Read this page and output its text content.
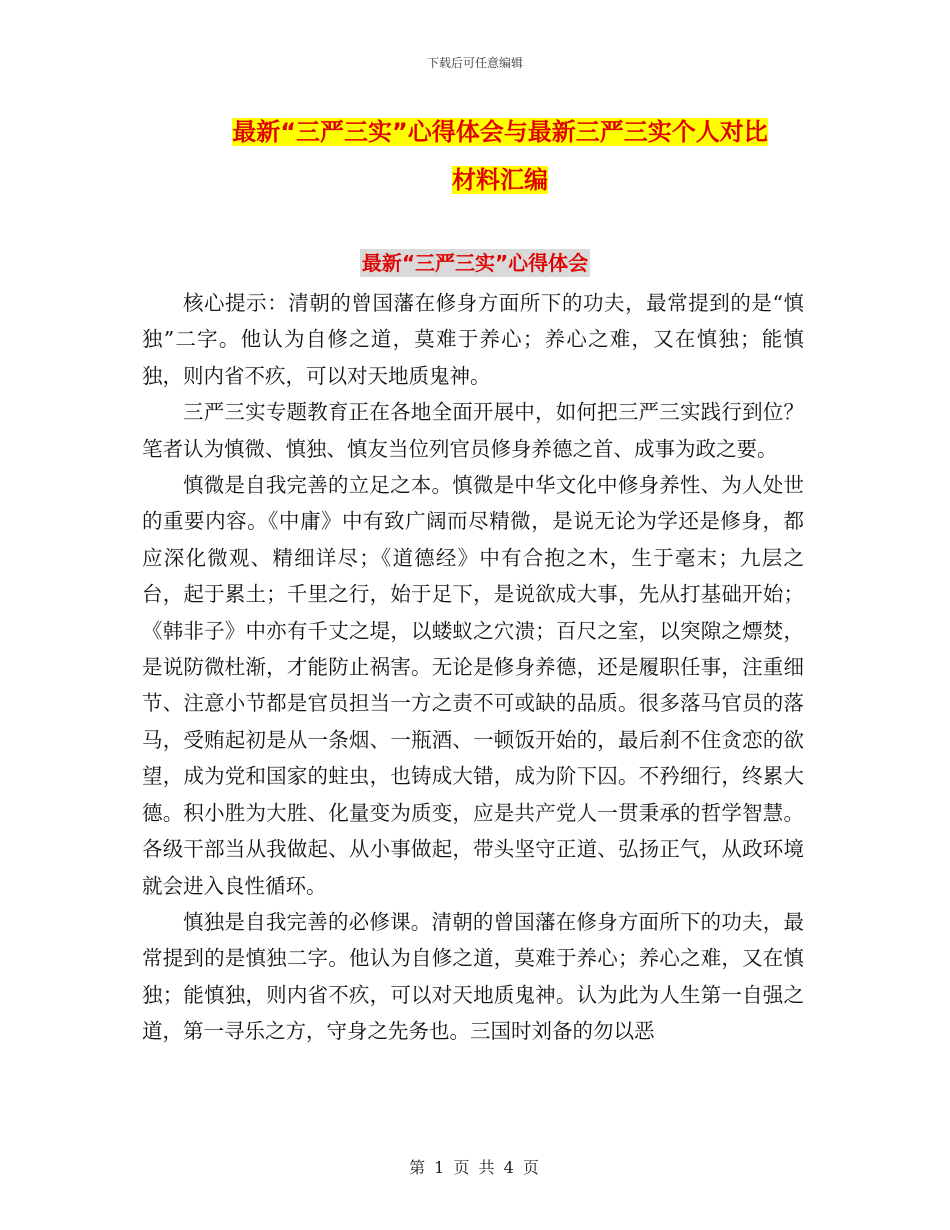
下载后可任意编辑
最新“三严三实”心得体会与最新三严三实个人对比
材料汇编
最新“三严三实”心得体会

核心提示：清朝的曾国藩在修身方面所下的功夫，最常提到的是“慎独”二字。他认为自修之道，莫难于养心；养心之难，又在慎独；能慎独，则内省不疚，可以对天地质鬼神。

三严三实专题教育正在各地全面开展中，如何把三严三实践行到位？笔者认为慎微、慎独、慎友当位列官员修身养德之首、成事为政之要。

慎微是自我完善的立足之本。慎微是中华文化中修身养性、为人处世的重要内容。《中庸》中有致广阔而尽精微，是说无论为学还是修身，都应深化微观、精细详尽；《道德经》中有合抱之木，生于毫末；九层之台，起于累土；千里之行，始于足下，是说欲成大事，先从打基础开始；《韩非子》中亦有千丈之堤，以蝼蚁之穴溃；百尺之室，以突隙之熛焚，是说防微杜渐，才能防止祸害。无论是修身养德，还是履职任事，注重细节、注意小节都是官员担当一方之责不可或缺的品质。很多落马官员的落马，受贿起初是从一条烟、一瓶酒、一顿饭开始的，最后刹不住贪恋的欲望，成为党和国家的蛀虫，也铸成大错，成为阶下囚。不矜细行，终累大德。积小胜为大胜、化量变为质变，应是共产党人一贯秉承的哲学智慧。各级干部当从我做起、从小事做起，带头坚守正道、弘扬正气，从政环境就会进入良性循环。

慎独是自我完善的必修课。清朝的曾国藩在修身方面所下的功夫，最常提到的是慎独二字。他认为自修之道，莫难于养心；养心之难，又在慎独；能慎独，则内省不疚，可以对天地质鬼神。认为此为人生第一自强之道，第一寻乐之方，守身之先务也。三国时刘备的勿以恶

第 1 页 共 4 页
